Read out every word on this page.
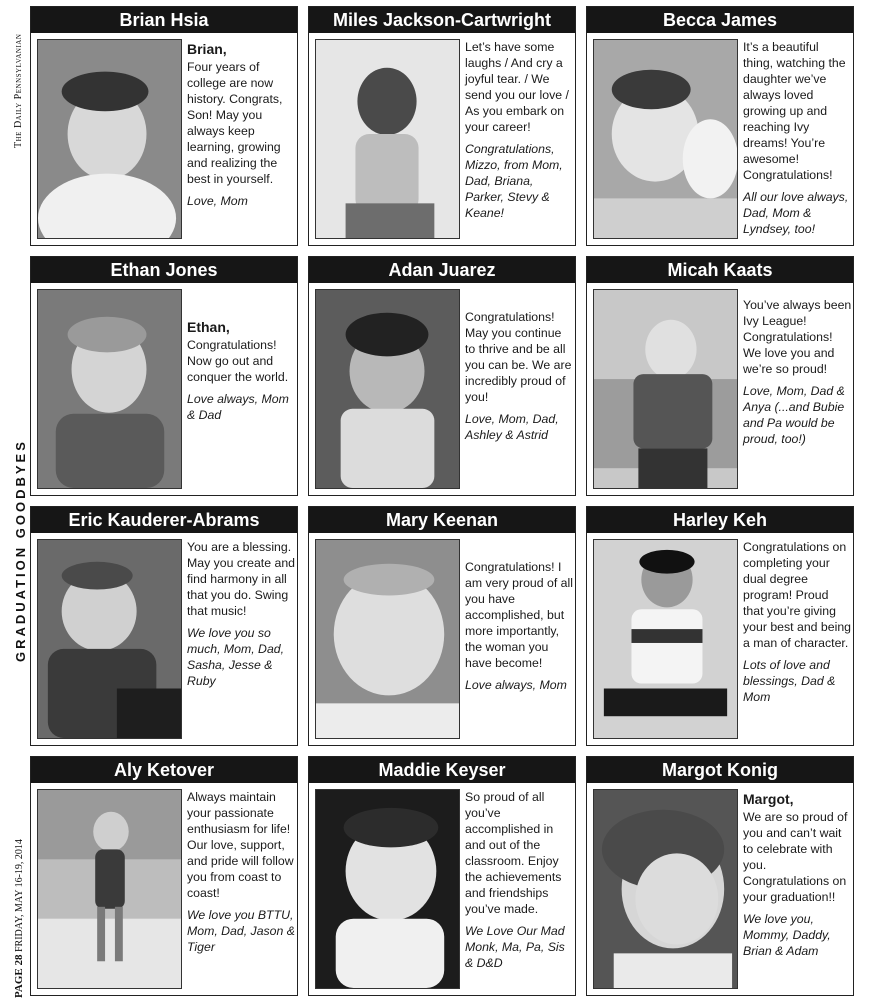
The Daily Pennsylvanian
GRADUATION GOODBYES
PAGE 28 FRIDAY, MAY 16-19, 2014
Brian Hsia
Brian,
Four years of college are now history. Congrats, Son! May you always keep learning, growing and realizing the best in yourself.
Love, Mom
Miles Jackson-Cartwright
Let’s have some laughs / And cry a joyful tear. / We send you our love / As you embark on your career!
Congratulations, Mizzo, from Mom, Dad, Briana, Parker, Stevy & Keane!
Becca James
It’s a beautiful thing, watching the daughter we’ve always loved growing up and reaching Ivy dreams! You’re awesome! Congratulations!
All our love always, Dad, Mom & Lyndsey, too!
Ethan Jones
Ethan,
Congratulations! Now go out and conquer the world.
Love always, Mom & Dad
Adan Juarez
Congratulations! May you continue to thrive and be all you can be. We are incredibly proud of you!
Love, Mom, Dad, Ashley & Astrid
Micah Kaats
You’ve always been Ivy League! Congratulations! We love you and we’re so proud!
Love, Mom, Dad & Anya (...and Bubie and Pa would be proud, too!)
Eric Kauderer-Abrams
You are a blessing. May you create and find harmony in all that you do. Swing that music!
We love you so much, Mom, Dad, Sasha, Jesse & Ruby
Mary Keenan
Congratulations! I am very proud of all you have accomplished, but more importantly, the woman you have become!
Love always, Mom
Harley Keh
Congratulations on completing your dual degree program! Proud that you’re giving your best and being a man of character.
Lots of love and blessings, Dad & Mom
Aly Ketover
Always maintain your passionate enthusiasm for life! Our love, support, and pride will follow you from coast to coast!
We love you BTTU, Mom, Dad, Jason & Tiger
Maddie Keyser
So proud of all you’ve accomplished in and out of the classroom. Enjoy the achievements and friendships you’ve made.
We Love Our Mad Monk, Ma, Pa, Sis & D&D
Margot Konig
Margot,
We are so proud of you and can’t wait to celebrate with you. Congratulations on your graduation!!
We love you, Mommy, Daddy, Brian & Adam
